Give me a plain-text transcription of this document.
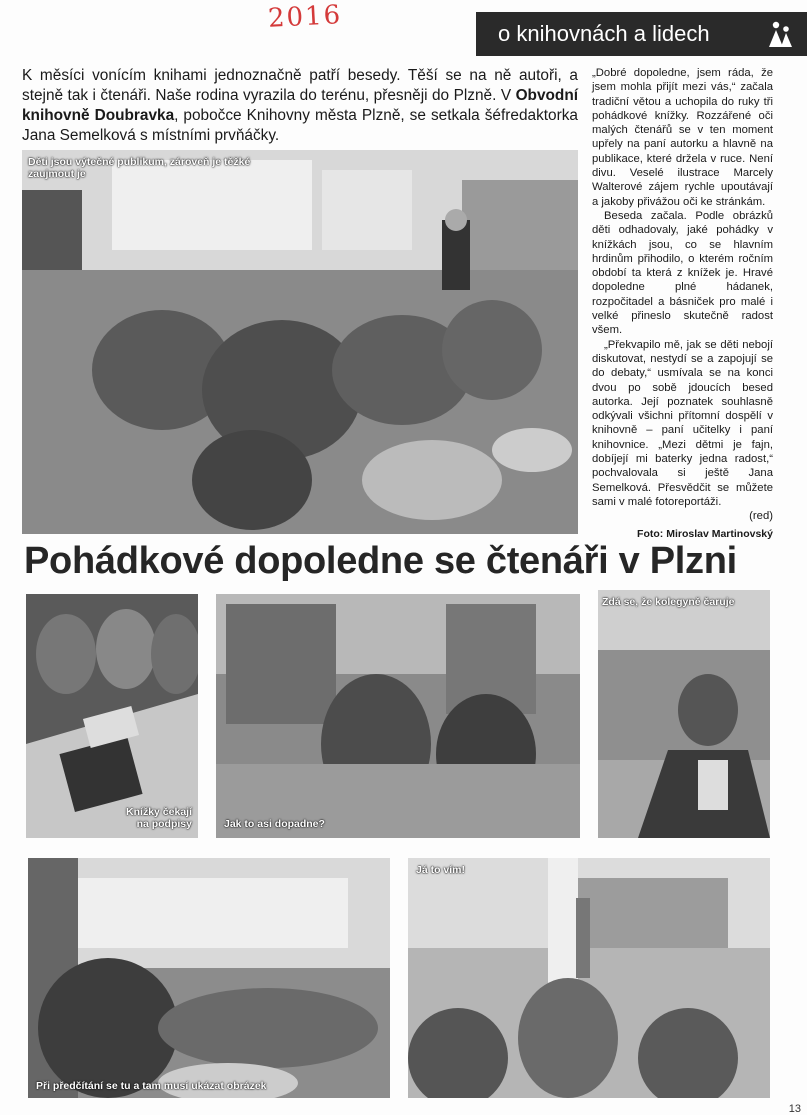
2016	o knihovnách a lidech
K měsíci vonícím knihami jednoznačně patří besedy. Těší se na ně autoři, a stejně tak i čtenáři. Naše rodina vyrazila do terénu, přesněji do Plzně. V Obvodní knihovně Doubravka, pobočce Knihovny města Plzně, se setkala šéfredaktorka Jana Semelková s místními prvňáčky.

„Dobré dopoledne, jsem ráda, že jsem mohla přijít mezi vás,“ začala tradiční větou a uchopila do ruky tři pohádkové knížky. Rozzářené oči malých čtenářů se v ten moment upřely na paní autorku a hlavně na publikace, které držela v ruce. Není divu. Veselé ilustrace Marcely Walterové zájem rychle upoutávají a jakoby přivážou oči ke stránkám.

Beseda začala. Podle obrázků děti odhadovaly, jaké pohádky v knížkách jsou, co se hlavním hrdinům přihodilo, o kterém ročním období ta která z knížek je. Hravé dopoledne plné hádanek, rozpočitadel a básniček pro malé i velké přineslo skutečně radost všem.

„Překvapilo mě, jak se děti nebojí diskutovat, nestydí se a zapojují se do debaty,“ usmívala se na konci dvou po sobě jdoucích besed autorka. Její poznatek souhlasně odkývali všichni přítomní dospělí v knihovně – paní učitelky i paní knihovnice. „Mezi dětmi je fajn, dobíjejí mi baterky jedna radost,“ pochvalovala si ještě Jana Semelková. Přesvědčit se můžete sami v malé fotoreportáži.

(red)

Foto: Miroslav Martinovský

Děti jsou výtečné publikum, zároveň je těžké zaujmout je
Pohádkové dopoledne se čtenáři v Plzni
Knížky čekají na podpisy	Jak to asi dopadne?
Zdá se, že kolegyně čaruje
Při předčítání se tu a tam musí ukázat obrázek
Já to vím!
13
